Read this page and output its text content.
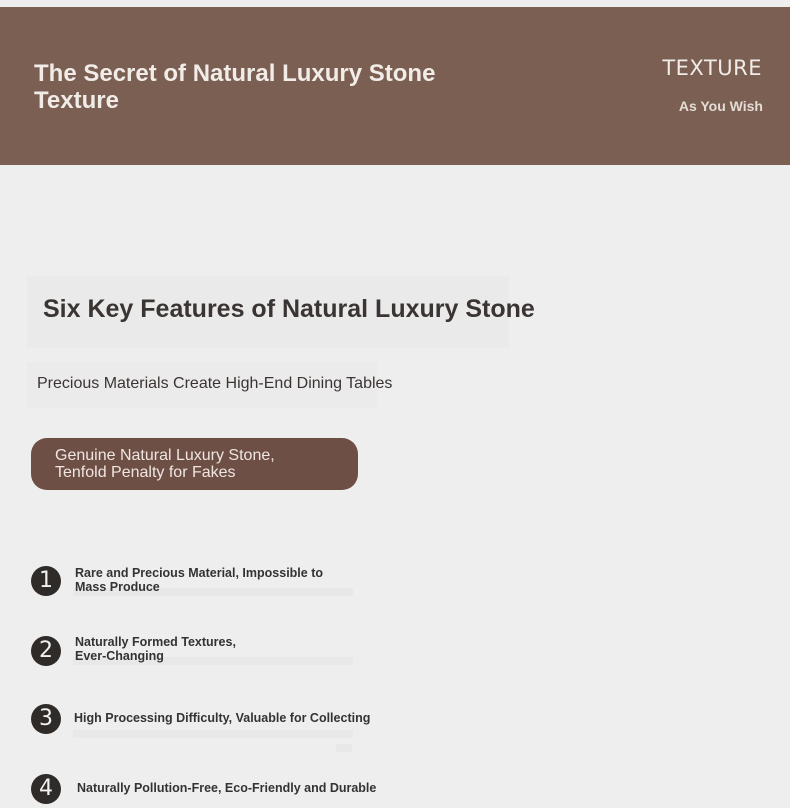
The Secret of Natural Luxury Stone
Texture
TEXTURE
As You Wish
Six Key Features of Natural Luxury Stone
Precious Materials Create High-End Dining Tables
Genuine Natural Luxury Stone,
Tenfold Penalty for Fakes
1	Rare and Precious Material, Impossible to
Mass Produce
2	Naturally Formed Textures,
Ever-Changing
3	High Processing Difficulty, Valuable for Collecting
4	Naturally Pollution-Free, Eco-Friendly and Durable
